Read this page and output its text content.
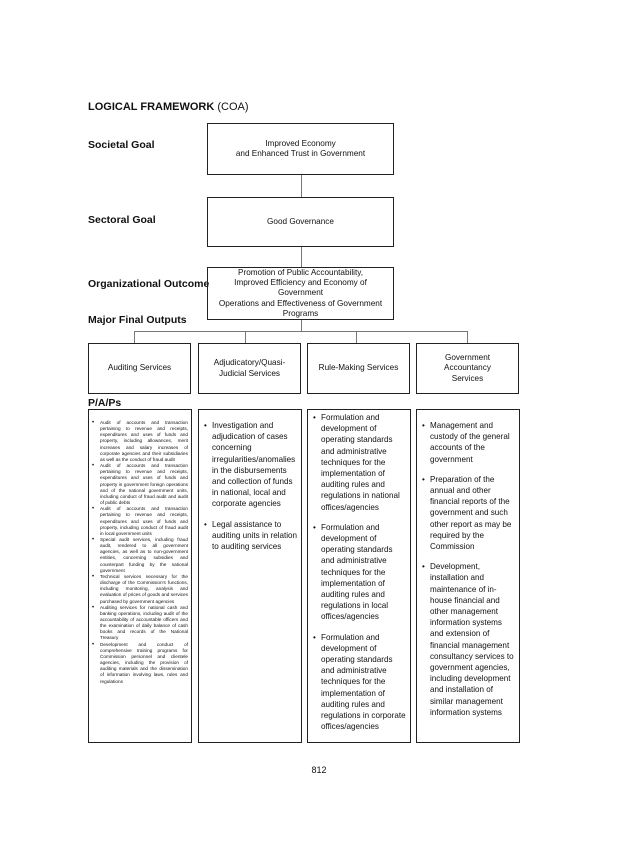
LOGICAL FRAMEWORK (COA)
Societal Goal
Sectoral Goal
Organizational Outcome
Major Final Outputs
P/A/Ps
Improved Economy
and Enhanced Trust in Government
Good Governance
Promotion of Public Accountability,
Improved Efficiency and Economy of Government
Operations and Effectiveness of Government
Programs
Auditing Services
Adjudicatory/Quasi-
Judicial Services
Rule-Making Services
Government Accountancy
Services
• Audit of accounts and transaction pertaining to revenue and receipts, expenditures and uses of funds and property, including allowances, merit increases and salary increases of corporate agencies and their subsidiaries as well as the conduct of fraud audit
• Audit of accounts and transaction pertaining to revenue and receipts, expenditures and uses of funds and property in government foreign operations and of the national government units, including conduct of fraud audit and audit of public debts
• Audit of accounts and transaction pertaining to revenue and receipts, expenditures and uses of funds and property, including conduct of fraud audit in local government units
• Special audit services, including fraud audit, rendered to all government agencies, as well as to non-government entities, concerning subsidies and counterpart funding by the national government
• Technical services necessary for the discharge of the Commission's functions, including monitoring, analysis and evaluation of prices of goods and services purchased by government agencies
• Auditing services for national cash and banking operations, including audit of the accountability of accountable officers and the examination of daily balance of cash books and records of the National Treasury
• Development and conduct of comprehensive training programs for Commission personnel and clientele agencies, including the provision of auditing materials and the dissemination of information involving laws, rules and regulations
• Investigation and adjudication of cases concerning irregularities/anomalies in the disbursements and collection of funds in national, local and corporate agencies
• Legal assistance to auditing units in relation to auditing services
• Formulation and development of operating standards and administrative techniques for the implementation of auditing rules and regulations in national offices/agencies
• Formulation and development of operating standards and administrative techniques for the implementation of auditing rules and regulations in local offices/agencies
• Formulation and development of operating standards and administrative techniques for the implementation of auditing rules and regulations in corporate offices/agencies
• Management and custody of the general accounts of the government
• Preparation of the annual and other financial reports of the government and such other report as may be required by the Commission
• Development, installation and maintenance of in-house financial and other management information systems and extension of financial management consultancy services to government agencies, including development and installation of similar management information systems
812
